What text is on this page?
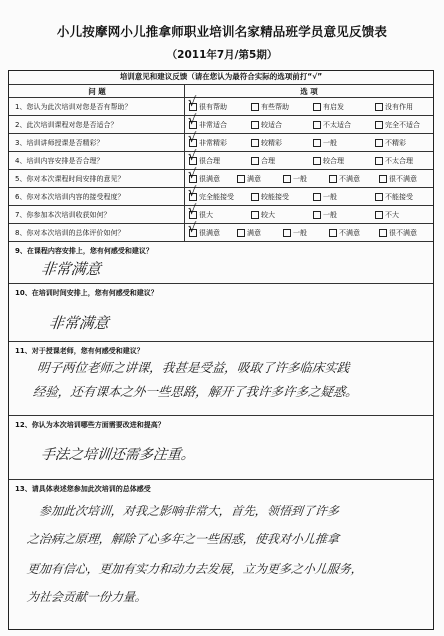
小儿按摩网小儿推拿师职业培训名家精品班学员意见反馈表
（2011年7月/第5期）
培训意见和建议反馈（请在您认为最符合实际的选项前打“√”
问 题	选 项
1、您认为此次培训对您是否有帮助？	√ 很有帮助	有些帮助	有启发	没有作用
2、此次培训课程对您是否适合？	√ 非常适合	较适合	不太适合	完全不适合
3、培训讲师授课是否精彩？	√ 非常精彩	较精彩	一般	不精彩
4、培训内容安排是否合理？	√ 很合理	合理	较合理	不太合理
5、你对本次课程时间安排的意见？	√ 很满意	满意	一般	不满意	很不满意
6、你对本次培训内容的接受程度？	√ 完全能接受	较能接受	一般	不能接受
7、你参加本次培训收获如何？	√ 很大	较大	一般	不大
8、你对本次培训的总体评价如何？	√ 很满意	满意	一般	不满意	很不满意
9、在课程内容安排上，您有何感受和建议？
非常满意
10、在培训时间安排上，您有何感受和建议？
非常满意
11、对于授课老师，您有何感受和建议？
明子两位老师之讲课，我甚是受益，吸取了许多临床实践
经验，还有课本之外一些思路，解开了我许多许多之疑惑。
12、你认为本次培训哪些方面需要改进和提高？
手法之培训还需多注重。
13、请具体表述您参加此次培训的总体感受
参加此次培训，对我之影响非常大，首先，领悟到了许多
之治病之原理，解除了心多年之一些困惑，使我对小儿推拿
更加有信心，更加有实力和动力去发展，立为更多之小儿服务，
为社会贡献一份力量。
